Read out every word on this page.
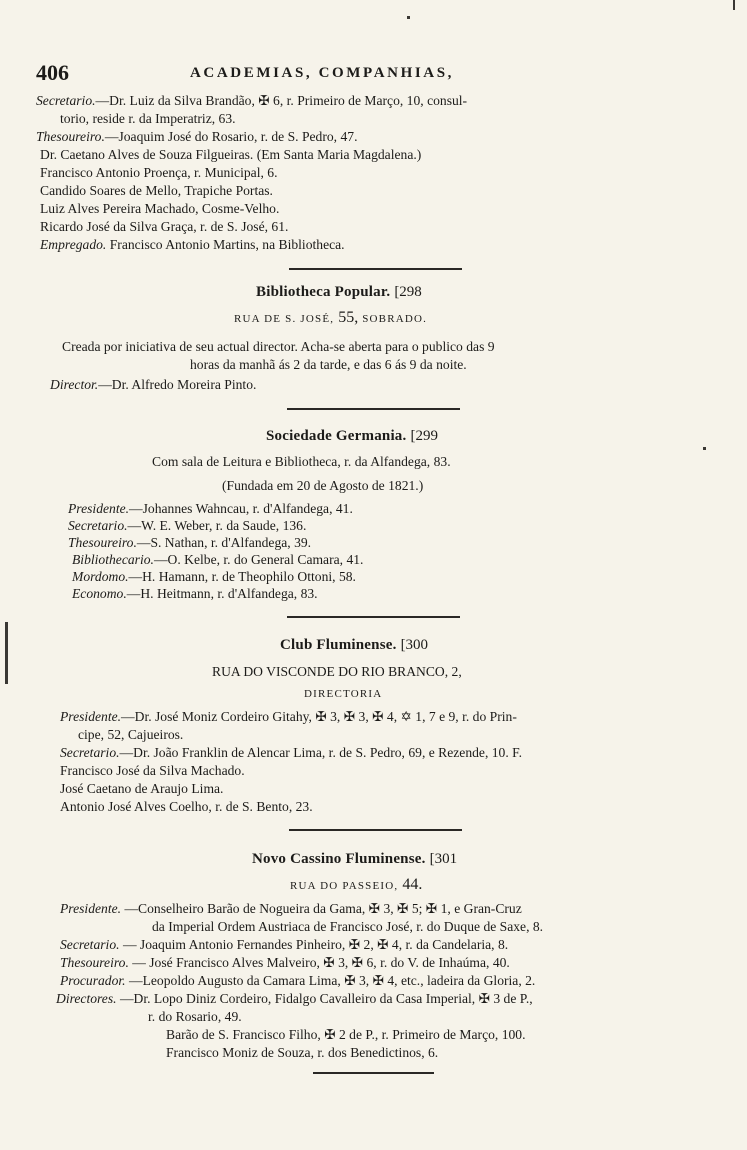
406	ACADEMIAS, COMPANHIAS,
Secretario.—Dr. Luiz da Silva Brandão, ✠ 6, r. Primeiro de Março, 10, consul-
torio, reside r. da Imperatriz, 63.
Thesoureiro.—Joaquim José do Rosario, r. de S. Pedro, 47.
Dr. Caetano Alves de Souza Filgueiras. (Em Santa Maria Magdalena.)
Francisco Antonio Proença, r. Municipal, 6.
Candido Soares de Mello, Trapiche Portas.
Luiz Alves Pereira Machado, Cosme-Velho.
Ricardo José da Silva Graça, r. de S. José, 61.
Empregado. Francisco Antonio Martins, na Bibliotheca.
Bibliotheca Popular. [298
RUA DE S. JOSÉ, 55, SOBRADO.
Creada por iniciativa de seu actual director. Acha-se aberta para o publico das 9
horas da manhã ás 2 da tarde, e das 6 ás 9 da noite.
Director.—Dr. Alfredo Moreira Pinto.
Sociedade Germania. [299
Com sala de Leitura e Bibliotheca, r. da Alfandega, 83.
(Fundada em 20 de Agosto de 1821.)
Presidente.—Johannes Wahncau, r. d'Alfandega, 41.
Secretario.—W. E. Weber, r. da Saude, 136.
Thesoureiro.—S. Nathan, r. d'Alfandega, 39.
Bibliothecario.—O. Kelbe, r. do General Camara, 41.
Mordomo.—H. Hamann, r. de Theophilo Ottoni, 58.
Economo.—H. Heitmann, r. d'Alfandega, 83.
Club Fluminense. [300
RUA DO VISCONDE DO RIO BRANCO, 2,
DIRECTORIA
Presidente.—Dr. José Moniz Cordeiro Gitahy, ✠ 3, ✠ 3, ✠ 4, ✡ 1, 7 e 9, r. do Prin-
cipe, 52, Cajueiros.
Secretario.—Dr. João Franklin de Alencar Lima, r. de S. Pedro, 69, e Rezende, 10. F.
Francisco José da Silva Machado.
José Caetano de Araujo Lima.
Antonio José Alves Coelho, r. de S. Bento, 23.
Novo Cassino Fluminense. [301
RUA DO PASSEIO, 44.
Presidente. —Conselheiro Barão de Nogueira da Gama, ✠ 3, ✠ 5; ✠ 1, e Gran-Cruz
da Imperial Ordem Austriaca de Francisco José, r. do Duque de Saxe, 8.
Secretario. — Joaquim Antonio Fernandes Pinheiro, ✠ 2, ✠ 4, r. da Candelaria, 8.
Thesoureiro. — José Francisco Alves Malveiro, ✠ 3, ✠ 6, r. do V. de Inhaúma, 40.
Procurador. —Leopoldo Augusto da Camara Lima, ✠ 3, ✠ 4, etc., ladeira da Gloria, 2.
Directores. —Dr. Lopo Diniz Cordeiro, Fidalgo Cavalleiro da Casa Imperial, ✠ 3 de P.,
r. do Rosario, 49.
Barão de S. Francisco Filho, ✠ 2 de P., r. Primeiro de Março, 100.
Francisco Moniz de Souza, r. dos Benedictinos, 6.
